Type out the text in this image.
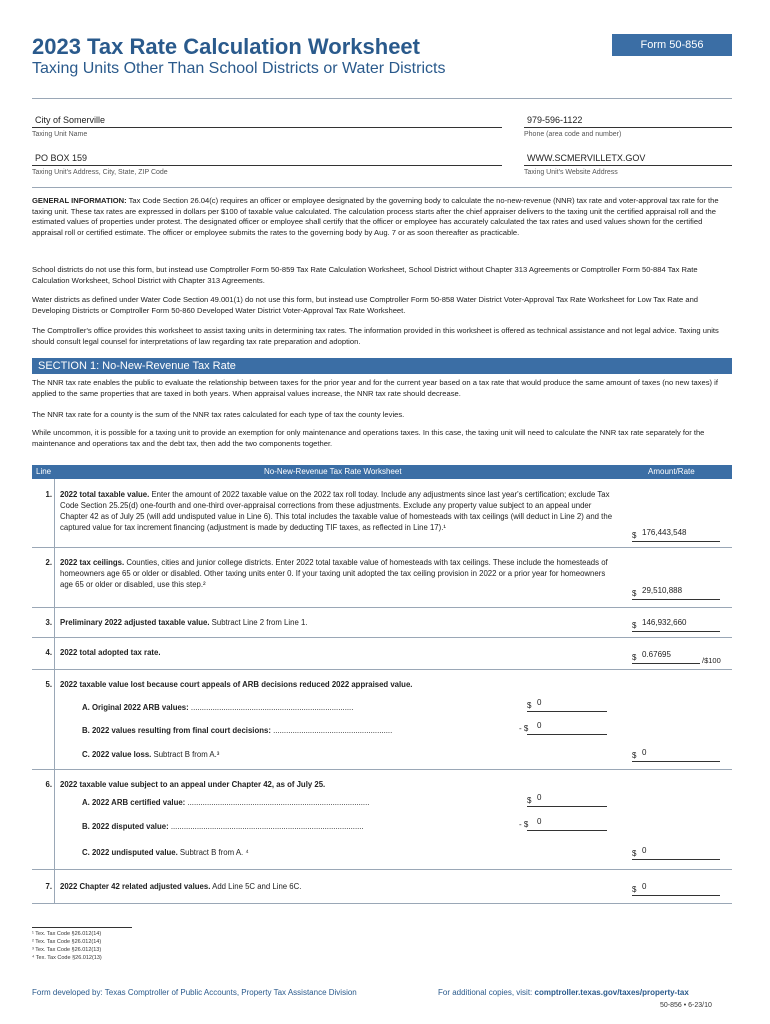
2023 Tax Rate Calculation Worksheet
Taxing Units Other Than School Districts or Water Districts
Form 50-856
City of Somerville
Taxing Unit Name
979-596-1122
Phone (area code and number)
PO BOX 159
Taxing Unit's Address, City, State, ZIP Code
WWW.SCMERVILLETX.GOV
Taxing Unit's Website Address
GENERAL INFORMATION: Tax Code Section 26.04(c) requires an officer or employee designated by the governing body to calculate the no-new-revenue (NNR) tax rate and voter-approval tax rate for the taxing unit. These tax rates are expressed in dollars per $100 of taxable value calculated. The calculation process starts after the chief appraiser delivers to the taxing unit the certified appraisal roll and the estimated values of properties under protest. The designated officer or employee shall certify that the officer or employee has accurately calculated the tax rates and used values shown for the certified appraisal roll or certified estimate. The officer or employee submits the rates to the governing body by Aug. 7 or as soon thereafter as practicable.
School districts do not use this form, but instead use Comptroller Form 50-859 Tax Rate Calculation Worksheet, School District without Chapter 313 Agreements or Comptroller Form 50-884 Tax Rate Calculation Worksheet, School District with Chapter 313 Agreements.
Water districts as defined under Water Code Section 49.001(1) do not use this form, but instead use Comptroller Form 50-858 Water District Voter-Approval Tax Rate Worksheet for Low Tax Rate and Developing Districts or Comptroller Form 50-860 Developed Water District Voter-Approval Tax Rate Worksheet.
SECTION 1: No-New-Revenue Tax Rate
The Comptroller's office provides this worksheet to assist taxing units in determining tax rates. The information provided in this worksheet is offered as technical assistance and not legal advice. Taxing units should consult legal counsel for interpretations of law regarding tax rate preparation and adoption.
The NNR tax rate enables the public to evaluate the relationship between taxes for the prior year and for the current year based on a tax rate that would produce the same amount of taxes (no new taxes) if applied to the same properties that are taxed in both years. When appraisal values increase, the NNR tax rate should decrease.
The NNR tax rate for a county is the sum of the NNR tax rates calculated for each type of tax the county levies.
While uncommon, it is possible for a taxing unit to provide an exemption for only maintenance and operations taxes. In this case, the taxing unit will need to calculate the NNR tax rate separately for the maintenance and operations tax and the debt tax, then add the two components together.
Line	No-New-Revenue Tax Rate Worksheet	Amount/Rate
1. 2022 total taxable value. Enter the amount of 2022 taxable value on the 2022 tax roll today. Include any adjustments since last year's certification; exclude Tax Code Section 25.25(d) one-fourth and one-third over-appraisal corrections from these adjustments. Exclude any property value subject to an appeal under Chapter 42 as of July 25 (will add undisputed value in Line 6). This total includes the taxable value of homesteads with tax ceilings (will deduct in Line 2) and the captured value for tax increment financing (adjustment is made by deducting TIF taxes, as reflected in Line 17).¹
$ 176,443,548
2. 2022 tax ceilings. Counties, cities and junior college districts. Enter 2022 total taxable value of homesteads with tax ceilings. These include the homesteads of homeowners age 65 or older or disabled. Other taxing units enter 0. If your taxing unit adopted the tax ceiling provision in 2022 or a prior year for homeowners age 65 or older or disabled, use this step.²
$ 29,510,888
3. Preliminary 2022 adjusted taxable value. Subtract Line 2 from Line 1.	$ 146,932,660
4. 2022 total adopted tax rate.
$ 0.67695
/$100
5. 2022 taxable value lost because court appeals of ARB decisions reduced 2022 appraised value.
A. Original 2022 ARB values: ...........................................................................	$ 0
B. 2022 values resulting from final court decisions: .......................................................	- $ 0
C. 2022 value loss. Subtract B from A.³	$ 0
6. 2022 taxable value subject to an appeal under Chapter 42, as of July 25.
A. 2022 ARB certified value: ....................................................................................	$ 0
B. 2022 disputed value: .........................................................................................	- $ 0
C. 2022 undisputed value. Subtract B from A. ⁴	$ 0
7. 2022 Chapter 42 related adjusted values. Add Line 5C and Line 6C.	$ 0
¹ Tex. Tax Code §26.012(14)
² Tex. Tax Code §26.012(14)
³ Tex. Tax Code §26.012(13)
⁴ Tex. Tax Code §26.012(13)
Form developed by: Texas Comptroller of Public Accounts, Property Tax Assistance Division	For additional copies, visit: comptroller.texas.gov/taxes/property-tax
50-856 • 6-23/10
